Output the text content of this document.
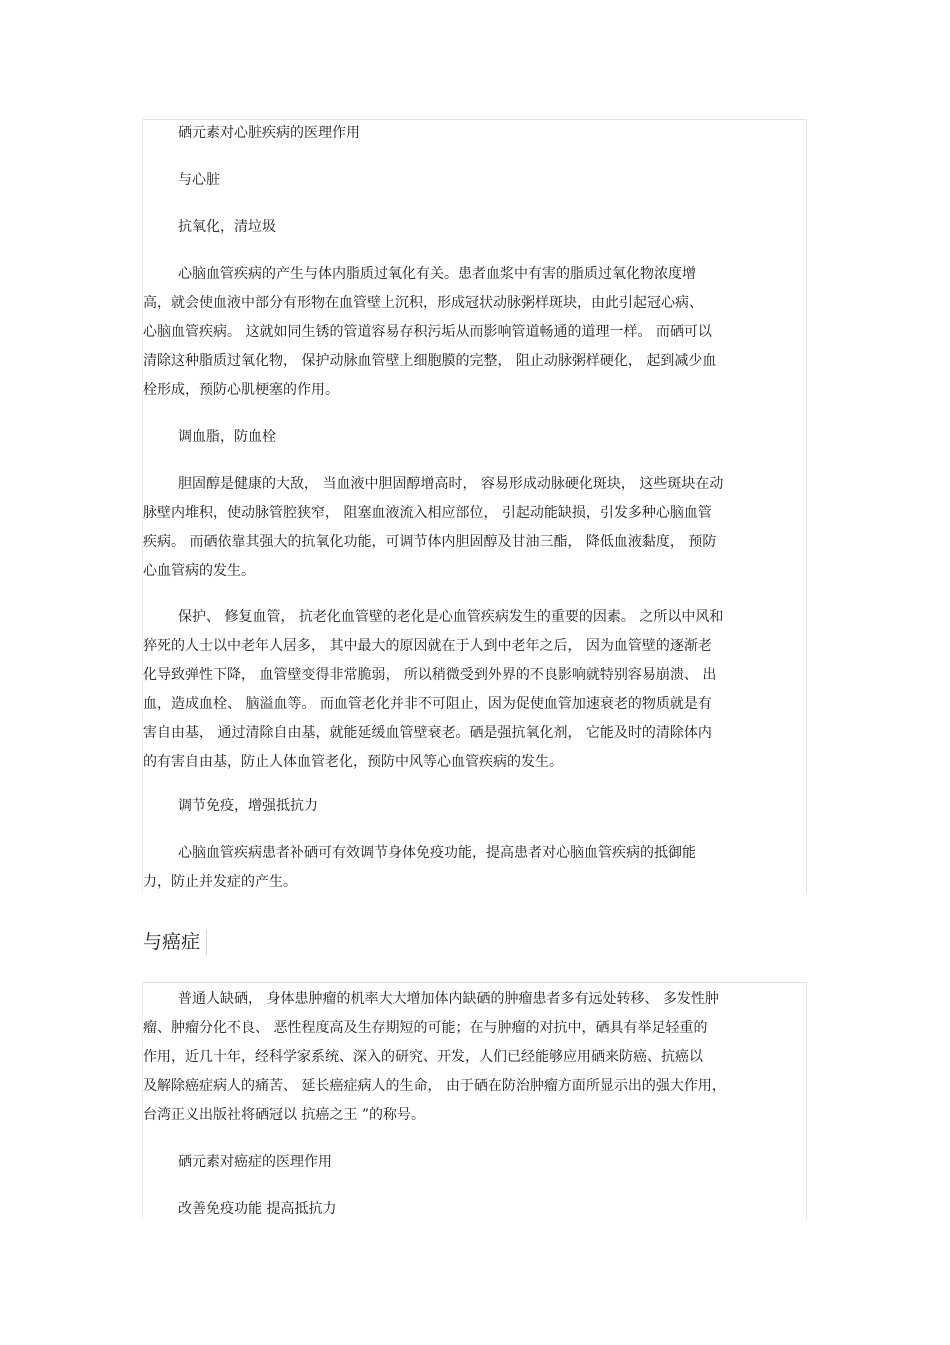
硒元素对心脏疾病的医理作用
与心脏
抗氧化，清垃圾
心脑血管疾病的产生与体内脂质过氧化有关。患者血浆中有害的脂质过氧化物浓度增
高，就会使血液中部分有形物在血管壁上沉积，形成冠状动脉粥样斑块，由此引起冠心病、
心脑血管疾病。 这就如同生锈的管道容易存积污垢从而影响管道畅通的道理一样。 而硒可以
清除这种脂质过氧化物， 保护动脉血管壁上细胞膜的完整， 阻止动脉粥样硬化， 起到减少血
栓形成，预防心肌梗塞的作用。
调血脂，防血栓
胆固醇是健康的大敌， 当血液中胆固醇增高时， 容易形成动脉硬化斑块， 这些斑块在动
脉壁内堆积，使动脉管腔狭窄， 阻塞血液流入相应部位， 引起动能缺损，引发多种心脑血管
疾病。 而硒依靠其强大的抗氧化功能，可调节体内胆固醇及甘油三酯， 降低血液黏度， 预防
心血管病的发生。
保护、 修复血管， 抗老化血管壁的老化是心血管疾病发生的重要的因素。 之所以中风和
猝死的人士以中老年人居多， 其中最大的原因就在于人到中老年之后， 因为血管壁的逐渐老
化导致弹性下降， 血管壁变得非常脆弱， 所以稍微受到外界的不良影响就特别容易崩溃、 出
血，造成血栓、 脑溢血等。 而血管老化并非不可阻止，因为促使血管加速衰老的物质就是有
害自由基， 通过清除自由基，就能延缓血管壁衰老。硒是强抗氧化剂， 它能及时的清除体内
的有害自由基，防止人体血管老化，预防中风等心血管疾病的发生。
调节免疫，增强抵抗力
心脑血管疾病患者补硒可有效调节身体免疫功能，提高患者对心脑血管疾病的抵御能
力，防止并发症的产生。
与癌症
普通人缺硒， 身体患肿瘤的机率大大增加体内缺硒的肿瘤患者多有远处转移、 多发性肿
瘤、肿瘤分化不良、 恶性程度高及生存期短的可能；在与肿瘤的对抗中，硒具有举足轻重的
作用，近几十年，经科学家系统、深入的研究、开发，人们已经能够应用硒来防癌、抗癌以
及解除癌症病人的痛苦、 延长癌症病人的生命， 由于硒在防治肿瘤方面所显示出的强大作用，
台湾正义出版社将硒冠以 抗癌之王 ”的称号。
硒元素对癌症的医理作用
改善免疫功能 提高抵抗力
